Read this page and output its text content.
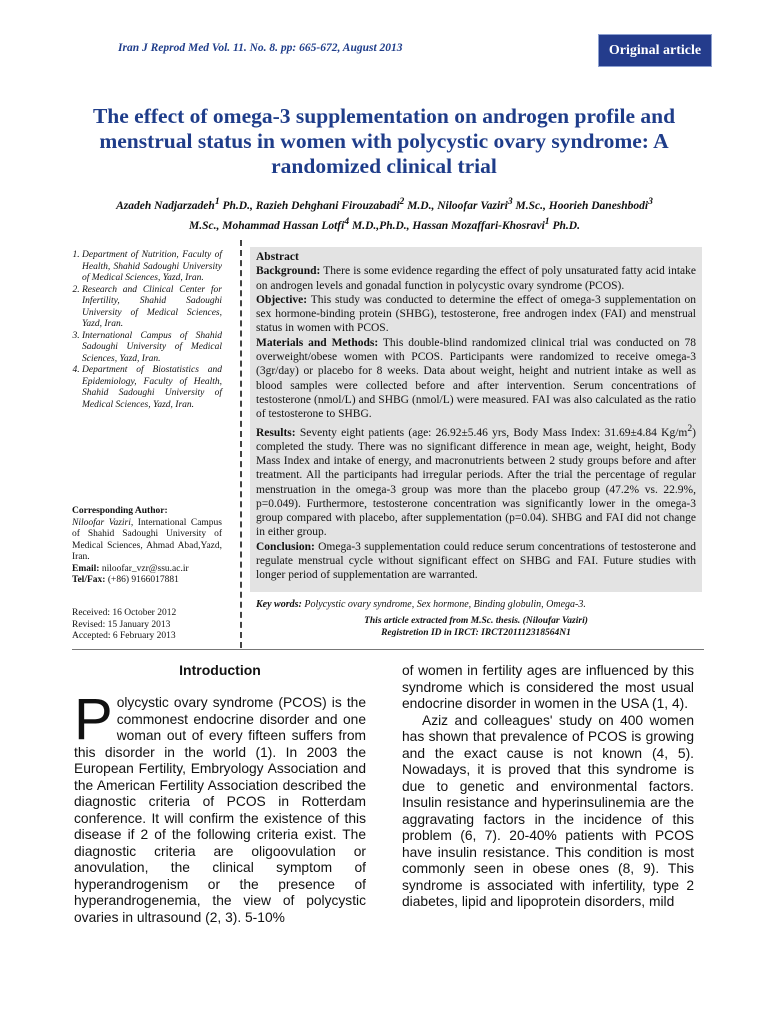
Iran J Reprod Med Vol. 11. No. 8. pp: 665-672, August 2013	Original article
The effect of omega-3 supplementation on androgen profile and menstrual status in women with polycystic ovary syndrome: A randomized clinical trial
Azadeh Nadjarzadeh$^1$ Ph.D., Razieh Dehghani Firouzabadi$^2$ M.D., Niloofar Vaziri$^3$ M.Sc., Hoorieh Daneshbodi$^3$ M.Sc., Mohammad Hassan Lotfi$^4$ M.D.,Ph.D., Hassan Mozaffari-Khosravi$^1$ Ph.D.
1. Department of Nutrition, Faculty of Health, Shahid Sadoughi University of Medical Sciences, Yazd, Iran.
2. Research and Clinical Center for Infertility, Shahid Sadoughi University of Medical Sciences, Yazd, Iran.
3. International Campus of Shahid Sadoughi University of Medical Sciences, Yazd, Iran.
4. Department of Biostatistics and Epidemiology, Faculty of Health, Shahid Sadoughi University of Medical Sciences, Yazd, Iran.
Corresponding Author:
Niloofar Vaziri, International Campus of Shahid Sadoughi University of Medical Sciences, Ahmad Abad,Yazd, Iran.
Email: niloofar_vzr@ssu.ac.ir
Tel/Fax: (+86) 9166017881
Received: 16 October 2012
Revised: 15 January 2013
Accepted: 6 February 2013

Abstract

Background: There is some evidence regarding the effect of poly unsaturated fatty acid intake on androgen levels and gonadal function in polycystic ovary syndrome (PCOS).

Objective: This study was conducted to determine the effect of omega-3 supplementation on sex hormone-binding protein (SHBG), testosterone, free androgen index (FAI) and menstrual status in women with PCOS.

Materials and Methods: This double-blind randomized clinical trial was conducted on 78 overweight/obese women with PCOS. Participants were randomized to receive omega-3 (3gr/day) or placebo for 8 weeks. Data about weight, height and nutrient intake as well as blood samples were collected before and after intervention. Serum concentrations of testosterone (nmol/L) and SHBG (nmol/L) were measured. FAI was also calculated as the ratio of testosterone to SHBG.

Results: Seventy eight patients (age: 26.92±5.46 yrs, Body Mass Index: 31.69±4.84 $Kg/m^2$) completed the study. There was no significant difference in mean age, weight, height, Body Mass Index and intake of energy, and macronutrients between 2 study groups before and after treatment. All the participants had irregular periods. After the trial the percentage of regular menstruation in the omega-3 group was more than the placebo group (47.2% vs. 22.9%, p=0.049). Furthermore, testosterone concentration was significantly lower in the omega-3 group compared with placebo, after supplementation (p=0.04). SHBG and FAI did not change in either group.

Conclusion: Omega-3 supplementation could reduce serum concentrations of testosterone and regulate menstrual cycle without significant effect on SHBG and FAI. Future studies with longer period of supplementation are warranted.

Key words: Polycystic ovary syndrome, Sex hormone, Binding globulin, Omega-3.
This article extracted from M.Sc. thesis. (Niloufar Vaziri)
Registretion ID in IRCT: IRCT201112318564N1
Introduction

Polycystic ovary syndrome (PCOS) is the commonest endocrine disorder and one woman out of every fifteen suffers from this disorder in the world (1). In 2003 the European Fertility, Embryology Association and the American Fertility Association described the diagnostic criteria of PCOS in Rotterdam conference. It will confirm the existence of this disease if 2 of the following criteria exist. The diagnostic criteria are oligoovulation or anovulation, the clinical symptom of hyperandrogenism or the presence of hyperandrogenemia, the view of polycystic ovaries in ultrasound (2, 3). 5-10%

of women in fertility ages are influenced by this syndrome which is considered the most usual endocrine disorder in women in the USA (1, 4).

Aziz and colleagues' study on 400 women has shown that prevalence of PCOS is growing and the exact cause is not known (4, 5). Nowadays, it is proved that this syndrome is due to genetic and environmental factors. Insulin resistance and hyperinsulinemia are the aggravating factors in the incidence of this problem (6, 7). 20-40% patients with PCOS have insulin resistance. This condition is most commonly seen in obese ones (8, 9). This syndrome is associated with infertility, type 2 diabetes, lipid and lipoprotein disorders, mild
